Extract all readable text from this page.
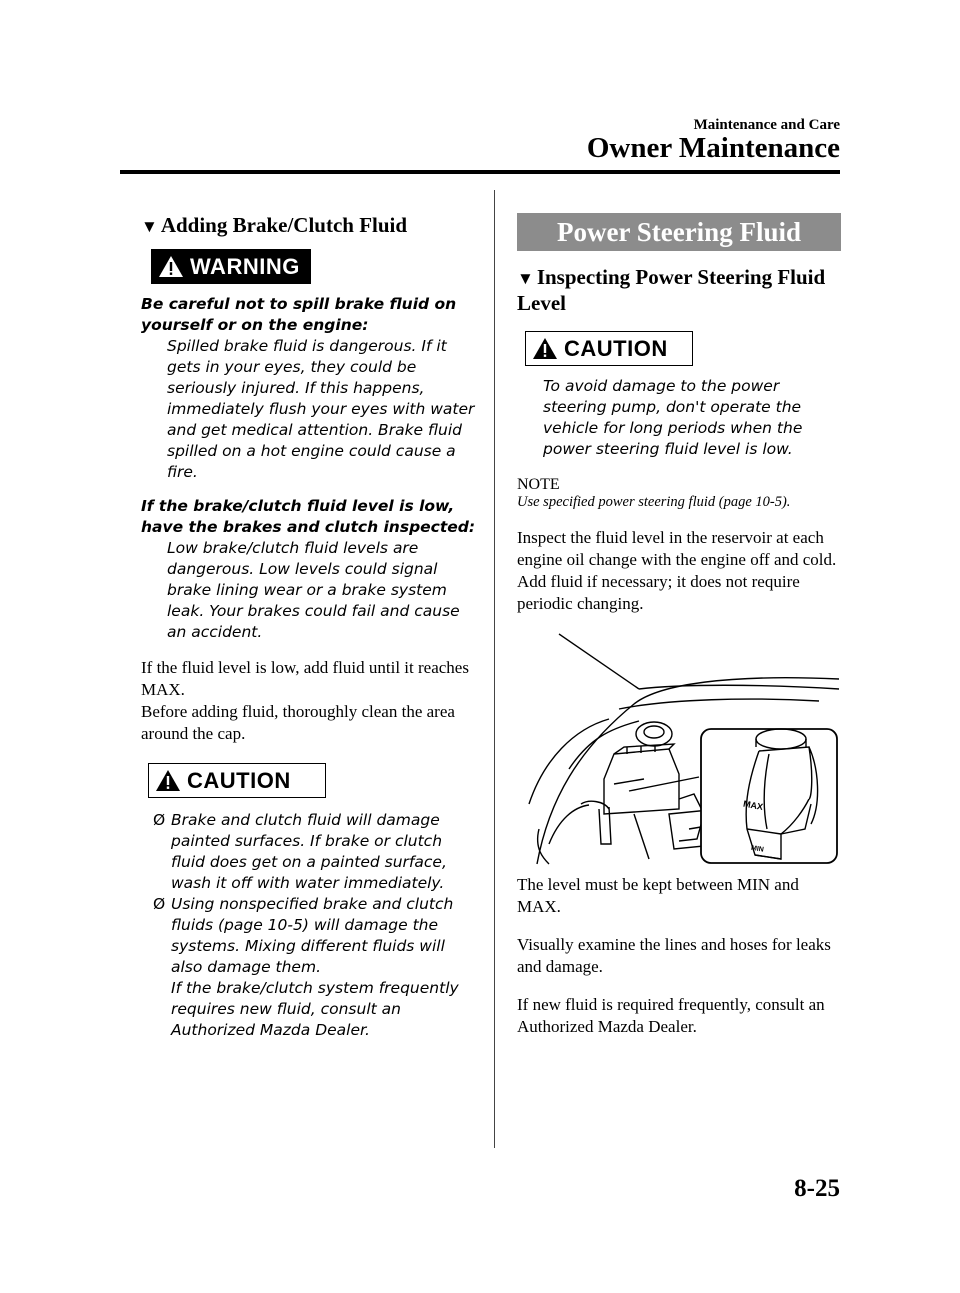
Maintenance and Care
Owner Maintenance
▼ Adding Brake/Clutch Fluid
WARNING
Be careful not to spill brake fluid on yourself or on the engine:
Spilled brake fluid is dangerous. If it gets in your eyes, they could be seriously injured. If this happens, immediately flush your eyes with water and get medical attention. Brake fluid spilled on a hot engine could cause a fire.
If the brake/clutch fluid level is low, have the brakes and clutch inspected:
Low brake/clutch fluid levels are dangerous. Low levels could signal brake lining wear or a brake system leak. Your brakes could fail and cause an accident.
If the fluid level is low, add fluid until it reaches MAX.
Before adding fluid, thoroughly clean the area around the cap.
CAUTION
Ø Brake and clutch fluid will damage painted surfaces. If brake or clutch fluid does get on a painted surface, wash it off with water immediately.
Ø Using nonspecified brake and clutch fluids (page 10-5) will damage the systems. Mixing different fluids will also damage them.
If the brake/clutch system frequently requires new fluid, consult an Authorized Mazda Dealer.
Power Steering Fluid
▼ Inspecting Power Steering Fluid Level
CAUTION
To avoid damage to the power steering pump, don't operate the vehicle for long periods when the power steering fluid level is low.
NOTE
Use specified power steering fluid (page 10-5).
Inspect the fluid level in the reservoir at each engine oil change with the engine off and cold. Add fluid if necessary; it does not require periodic changing.
MAX
MIN
The level must be kept between MIN and MAX.
Visually examine the lines and hoses for leaks and damage.
If new fluid is required frequently, consult an Authorized Mazda Dealer.
8-25
